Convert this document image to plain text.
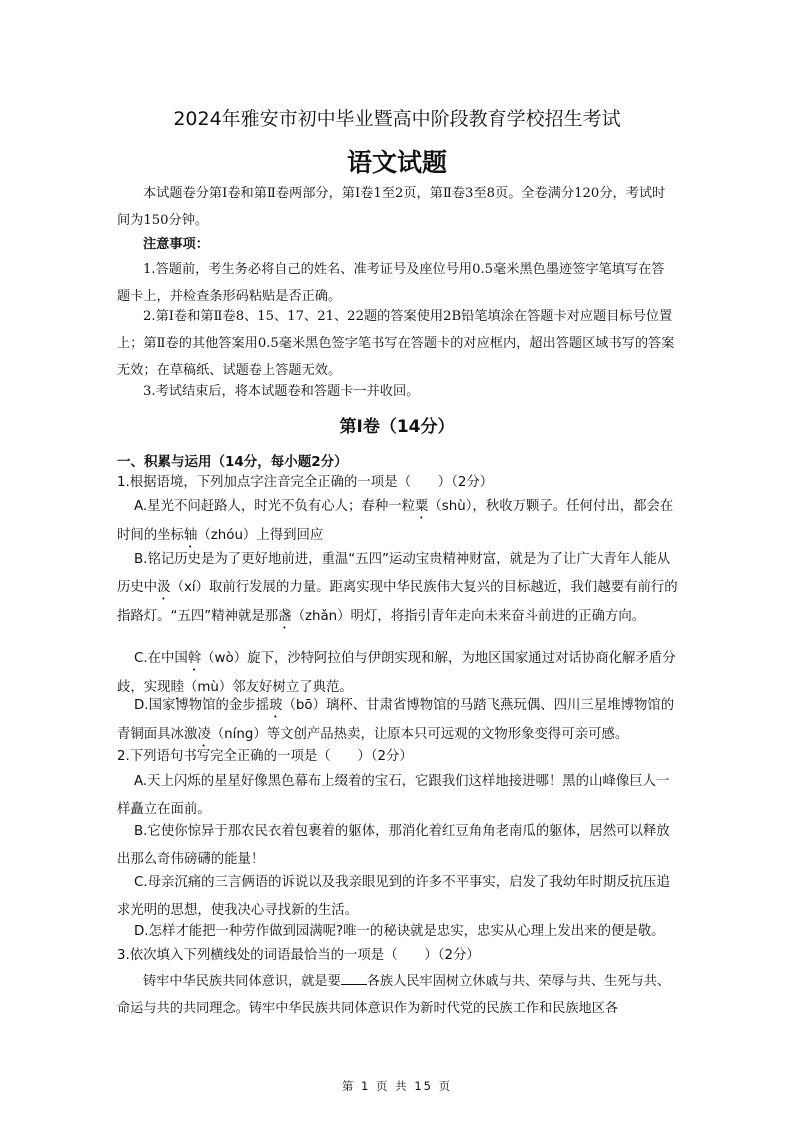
2024年雅安市初中毕业暨高中阶段教育学校招生考试
语文试题
本试题卷分第Ⅰ卷和第Ⅱ卷两部分，第Ⅰ卷1至2页，第Ⅱ卷3至8页。全卷满分120分，考试时间为150分钟。
注意事项：
1.答题前，考生务必将自己的姓名、准考证号及座位号用0.5毫米黑色墨迹签字笔填写在答题卡上，并检查条形码粘贴是否正确。
2.第Ⅰ卷和第Ⅱ卷8、15、17、21、22题的答案使用2B铅笔填涂在答题卡对应题目标号位置上；第Ⅱ卷的其他答案用0.5毫米黑色签字笔书写在答题卡的对应框内，超出答题区域书写的答案无效；在草稿纸、试题卷上答题无效。
3.考试结束后，将本试题卷和答题卡一并收回。
第Ⅰ卷（14分）
一、积累与运用（14分，每小题2分）
1.根据语境，下列加点字注音完全正确的一项是（　　）（2分）
A.星光不问赶路人，时光不负有心人；春种一粒粟（shù），秋收万颗子。任何付出，都会在时间的坐标轴（zhóu）上得到回应
B.铭记历史是为了更好地前进，重温“五四”运动宝贵精神财富，就是为了让广大青年人能从历史中汲（xí）取前行发展的力量。距离实现中华民族伟大复兴的目标越近，我们越要有前行的指路灯。“五四”精神就是那盏（zhǎn）明灯，将指引青年走向未来奋斗前进的正确方向。
C.在中国斡（wò）旋下，沙特阿拉伯与伊朗实现和解，为地区国家通过对话协商化解矛盾分歧，实现睦（mù）邻友好树立了典范。
D.国家博物馆的金步摇玻（bō）璃杯、甘肃省博物馆的马踏飞燕玩偶、四川三星堆博物馆的青铜面具冰激凌（níng）等文创产品热卖，让原本只可远观的文物形象变得可亲可感。
2.下列语句书写完全正确的一项是（　　）（2分）
A.天上闪烁的星星好像黑色幕布上缀着的宝石，它跟我们这样地接进哪！黑的山峰像巨人一样矗立在面前。
B.它使你惊异于那农民衣着包裹着的躯体，那消化着红豆角角老南瓜的躯体，居然可以释放出那么奇伟磅礴的能量！
C.母亲沉痛的三言俩语的诉说以及我亲眼见到的许多不平事实，启发了我幼年时期反抗压追求光明的思想，使我决心寻找新的生活。
D.怎样才能把一种劳作做到园满呢?唯一的秘诀就是忠实，忠实从心理上发出来的便是敬。
3.依次填入下列横线处的词语最恰当的一项是（　　）（2分）
铸牢中华民族共同体意识，就是要 各族人民牢固树立休戚与共、荣辱与共、生死与共、命运与共的共同理念。铸牢中华民族共同体意识作为新时代党的民族工作和民族地区各
第 1 页 共 15 页
